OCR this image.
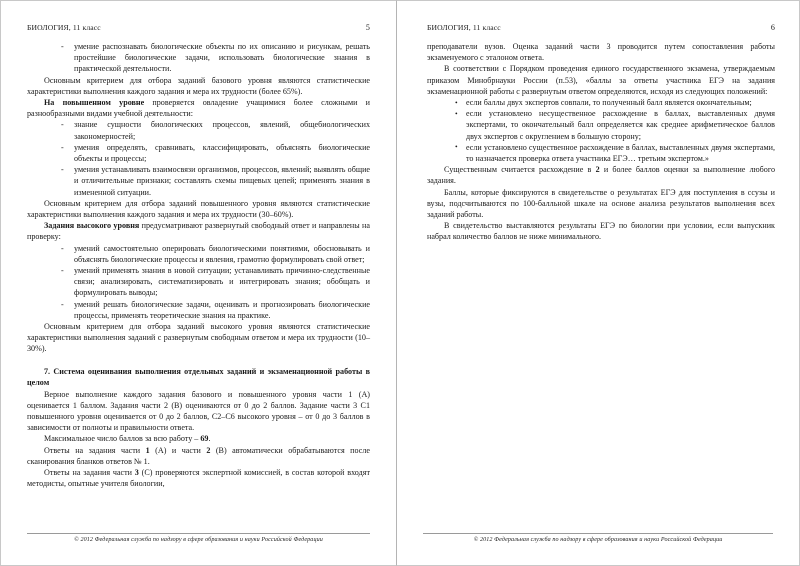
БИОЛОГИЯ, 11 класс	5
- умение распознавать биологические объекты по их описанию и рисункам, решать простейшие биологические задачи, использовать биологические знания в практической деятельности.

Основным критерием для отбора заданий базового уровня являются статистические характеристики выполнения каждого задания и мера их трудности (более 65%).

На повышенном уровне проверяется овладение учащимися более сложными и разнообразными видами учебной деятельности:

- знание сущности биологических процессов, явлений, общебиологических закономерностей;
- умения определять, сравнивать, классифицировать, объяснять биологические объекты и процессы;
- умения устанавливать взаимосвязи организмов, процессов, явлений; выявлять общие и отличительные признаки; составлять схемы пищевых цепей; применять знания в измененной ситуации.

Основным критерием для отбора заданий повышенного уровня являются статистические характеристики выполнения каждого задания и мера их трудности (30–60%).

Задания высокого уровня предусматривают развернутый свободный ответ и направлены на проверку:

- умений самостоятельно оперировать биологическими понятиями, обосновывать и объяснять биологические процессы и явления, грамотно формулировать свой ответ;
- умений применять знания в новой ситуации; устанавливать причинно-следственные связи; анализировать, систематизировать и интегрировать знания; обобщать и формулировать выводы;
- умений решать биологические задачи, оценивать и прогнозировать биологические процессы, применять теоретические знания на практике.

Основным критерием для отбора заданий высокого уровня являются статистические характеристики выполнения заданий с развернутым свободным ответом и мера их трудности (10–30%).

7. Система оценивания выполнения отдельных заданий и экзаменационной работы в целом

Верное выполнение каждого задания базового и повышенного уровня части 1 (А) оценивается 1 баллом. Задания части 2 (В) оцениваются от 0 до 2 баллов. Задание части 3 С1 повышенного уровня оценивается от 0 до 2 баллов, С2–С6 высокого уровня – от 0 до 3 баллов в зависимости от полноты и правильности ответа.

Максимальное число баллов за всю работу – 69.

Ответы на задания части 1 (А) и части 2 (В) автоматически обрабатываются после сканирования бланков ответов № 1.

Ответы на задания части 3 (С) проверяются экспертной комиссией, в состав которой входят методисты, опытные учителя биологии,

© 2012 Федеральная служба по надзору в сфере образования и науки Российской Федерации
БИОЛОГИЯ, 11 класс	6

преподаватели вузов. Оценка заданий части 3 проводится путем сопоставления работы экзаменуемого с эталоном ответа.

В соответствии с Порядком проведения единого государственного экзамена, утверждаемым приказом Минобрнауки России (п.53), «баллы за ответы участника ЕГЭ на задания экзаменационной работы с развернутым ответом определяются, исходя из следующих положений:

• если баллы двух экспертов совпали, то полученный балл является окончательным;
• если установлено несущественное расхождение в баллах, выставленных двумя экспертами, то окончательный балл определяется как среднее арифметическое баллов двух экспертов с округлением в большую сторону;
• если установлено существенное расхождение в баллах, выставленных двумя экспертами, то назначается проверка ответа участника ЕГЭ… третьим экспертом.»

Существенным считается расхождение в 2 и более баллов оценки за выполнение любого задания.

Баллы, которые фиксируются в свидетельстве о результатах ЕГЭ для поступления в ссузы и вузы, подсчитываются по 100-балльной шкале на основе анализа результатов выполнения всех заданий работы.

В свидетельство выставляются результаты ЕГЭ по биологии при условии, если выпускник набрал количество баллов не ниже минимального.

© 2012 Федеральная служба по надзору в сфере образования и науки Российской Федерации
